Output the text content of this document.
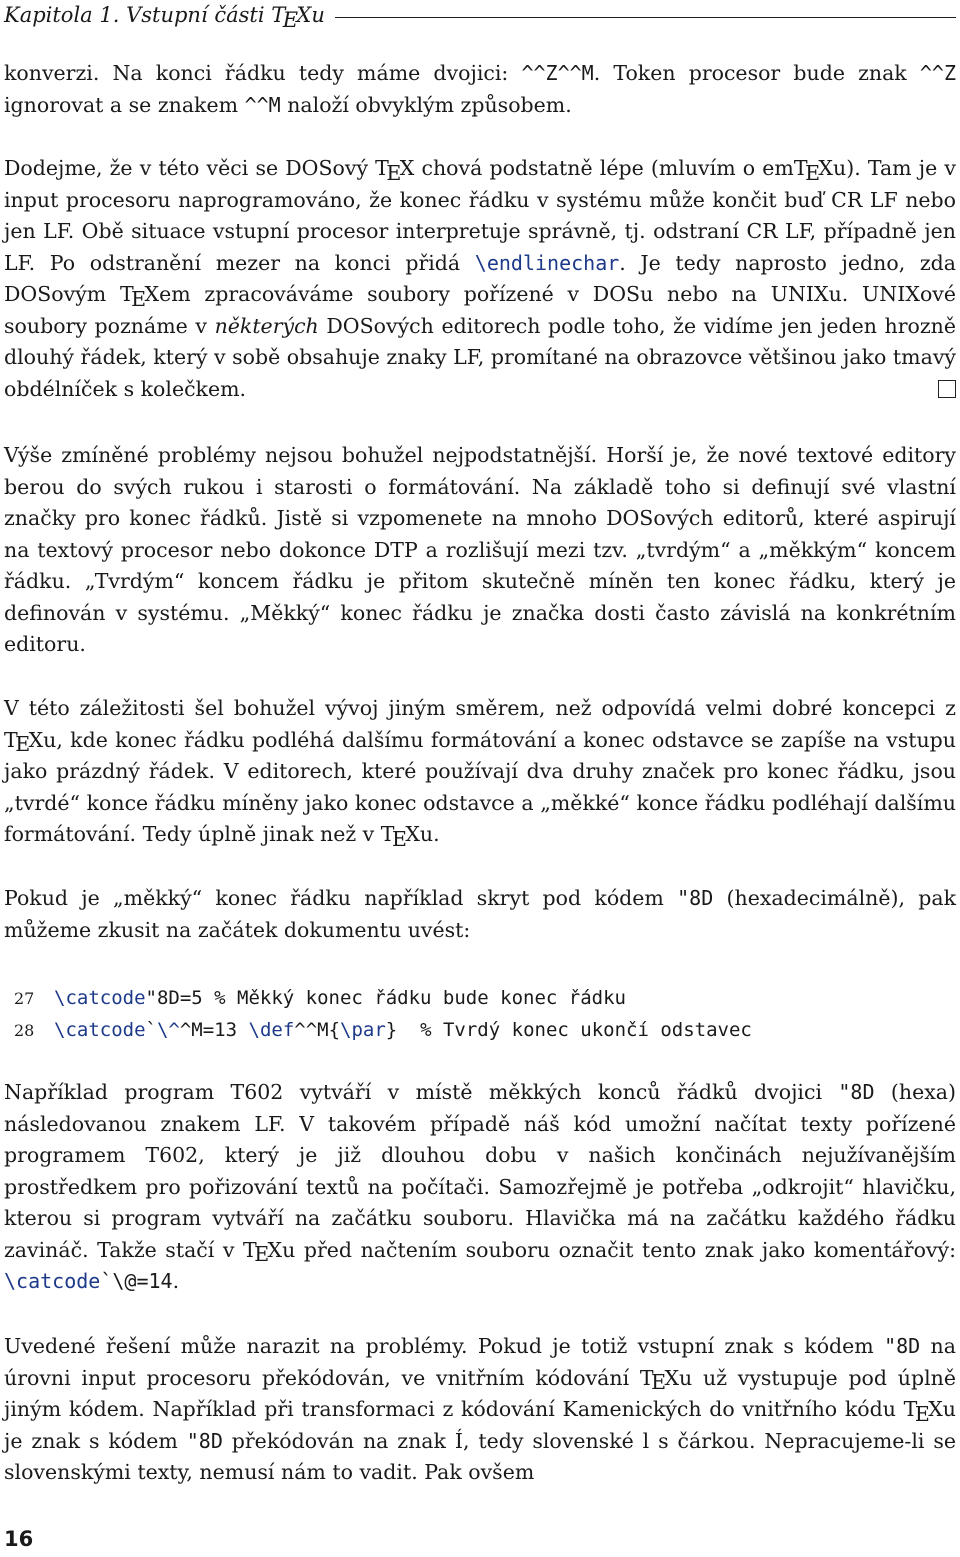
Kapitola 1. Vstupní části TEXu

konverzi. Na konci řádku tedy máme dvojici: ^^Z^^M. Token procesor bude znak ^^Z ignorovat a se znakem ^^M naloží obvyklým způsobem.

Dodejme, že v této věci se DOSový TEX chová podstatně lépe (mluvím o emTEXu). Tam je v input procesoru naprogramováno, že konec řádku v systému může končit buď CR LF nebo jen LF. Obě situace vstupní procesor interpretuje správně, tj. odstraní CR LF, případně jen LF. Po odstranění mezer na konci přidá \endlinechar. Je tedy naprosto jedno, zda DOSovým TEXem zpracováváme soubory pořízené v DOSu nebo na UNIXu. UNIXové soubory poznáme v některých DOSových editorech podle toho, že vidíme jen jeden hrozně dlouhý řádek, který v sobě obsahuje znaky LF, promítané na obrazovce většinou jako tmavý obdélníček s kolečkem.

Výše zmíněné problémy nejsou bohužel nejpodstatnější. Horší je, že nové textové editory berou do svých rukou i starosti o formátování. Na základě toho si definují své vlastní značky pro konec řádků. Jistě si vzpomenete na mnoho DOSových editorů, které aspirují na textový procesor nebo dokonce DTP a rozlišují mezi tzv. „tvrdým“ a „měkkým“ koncem řádku. „Tvrdým“ koncem řádku je přitom skutečně míněn ten konec řádku, který je definován v systému. „Měkký“ konec řádku je značka dosti často závislá na konkrétním editoru.

V této záležitosti šel bohužel vývoj jiným směrem, než odpovídá velmi dobré koncepci z TEXu, kde konec řádku podléhá dalšímu formátování a konec odstavce se zapíše na vstupu jako prázdný řádek. V editorech, které používají dva druhy značek pro konec řádku, jsou „tvrdé“ konce řádku míněny jako konec odstavce a „měkké“ konce řádku podléhají dalšímu formátování. Tedy úplně jinak než v TEXu.

Pokud je „měkký“ konec řádku například skryt pod kódem "8D (hexadecimálně), pak můžeme zkusit na začátek dokumentu uvést:

27	\catcode"8D=5 % Měkký konec řádku bude konec řádku
28	\catcode`\^^M=13 \def^^M{\par}  % Tvrdý konec ukončí odstavec

Například program T602 vytváří v místě měkkých konců řádků dvojici "8D (hexa) následovanou znakem LF. V takovém případě náš kód umožní načítat texty pořízené programem T602, který je již dlouhou dobu v našich končinách nejužívanějším prostředkem pro pořizování textů na počítači. Samozřejmě je potřeba „odkrojit“ hlavičku, kterou si program vytváří na začátku souboru. Hlavička má na začátku každého řádku zavináč. Takže stačí v TEXu před načtením souboru označit tento znak jako komentářový: \catcode`\@=14.

Uvedené řešení může narazit na problémy. Pokud je totiž vstupní znak s kódem "8D na úrovni input procesoru překódován, ve vnitřním kódování TEXu už vystupuje pod úplně jiným kódem. Například při transformaci z kódování Kamenických do vnitřního kódu TEXu je znak s kódem "8D překódován na znak Í, tedy slovenské l s čárkou. Nepracujeme-li se slovenskými texty, nemusí nám to vadit. Pak ovšem

16
